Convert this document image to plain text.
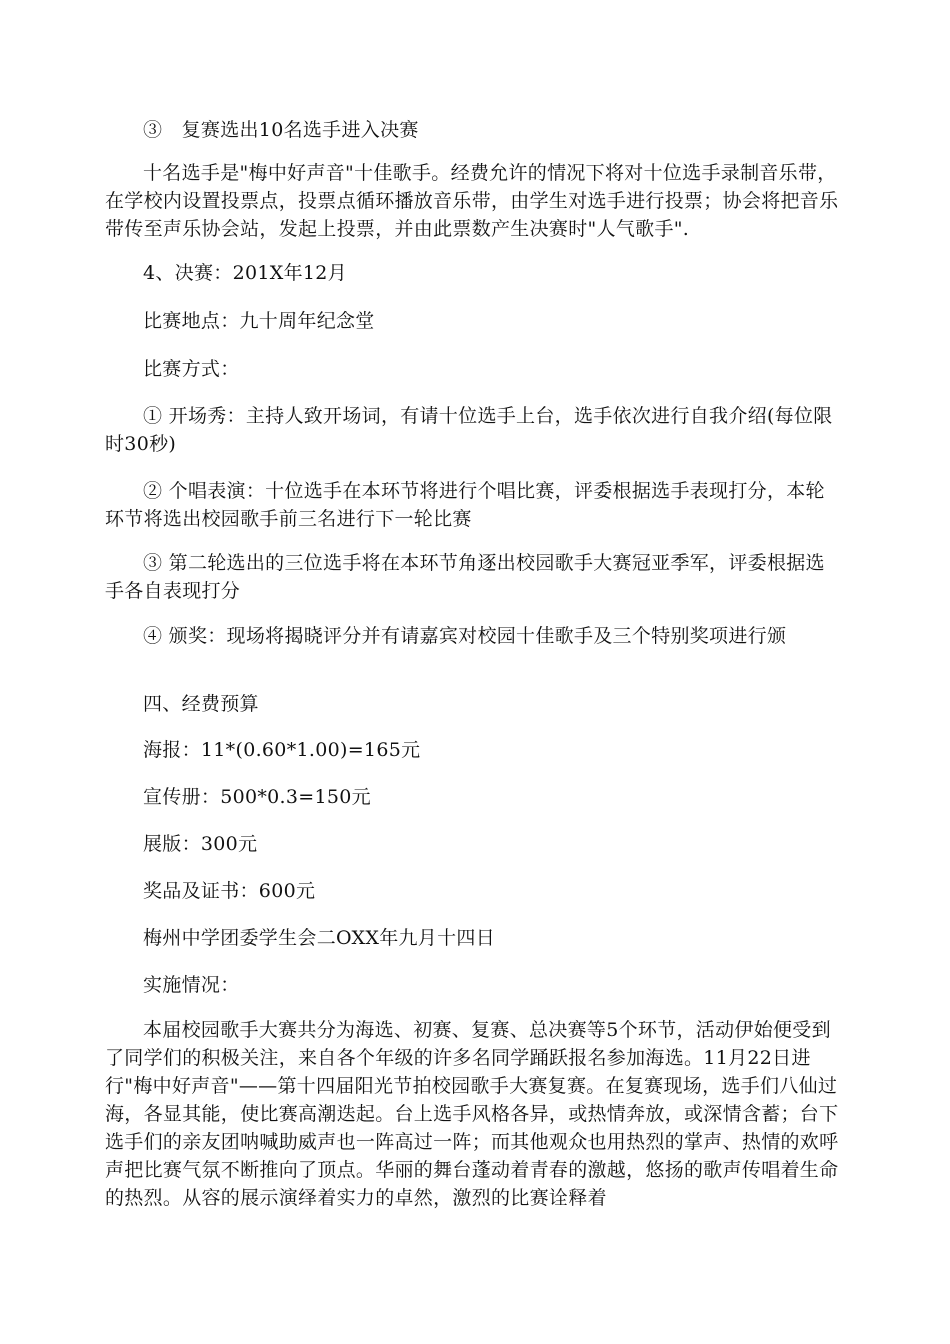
③　复赛选出10名选手进入决赛

十名选手是"梅中好声音"十佳歌手。经费允许的情况下将对十位选手录制音乐带，在学校内设置投票点，投票点循环播放音乐带，由学生对选手进行投票；协会将把音乐带传至声乐协会站，发起上投票，并由此票数产生决赛时"人气歌手".

4、决赛：201X年12月

比赛地点：九十周年纪念堂

比赛方式：

① 开场秀：主持人致开场词，有请十位选手上台，选手依次进行自我介绍(每位限时30秒)

② 个唱表演：十位选手在本环节将进行个唱比赛，评委根据选手表现打分，本轮环节将选出校园歌手前三名进行下一轮比赛

③ 第二轮选出的三位选手将在本环节角逐出校园歌手大赛冠亚季军，评委根据选手各自表现打分

④ 颁奖：现场将揭晓评分并有请嘉宾对校园十佳歌手及三个特别奖项进行颁

四、经费预算

海报：11*(0.60*1.00)=165元

宣传册：500*0.3=150元

展版：300元

奖品及证书：600元

梅州中学团委学生会二OXX年九月十四日

实施情况：

本届校园歌手大赛共分为海选、初赛、复赛、总决赛等5个环节，活动伊始便受到了同学们的积极关注，来自各个年级的许多名同学踊跃报名参加海选。11月22日进行"梅中好声音"——第十四届阳光节拍校园歌手大赛复赛。在复赛现场，选手们八仙过海，各显其能，使比赛高潮迭起。台上选手风格各异，或热情奔放，或深情含蓄；台下选手们的亲友团呐喊助威声也一阵高过一阵；而其他观众也用热烈的掌声、热情的欢呼声把比赛气氛不断推向了顶点。华丽的舞台蓬动着青春的激越，悠扬的歌声传唱着生命的热烈。从容的展示演绎着实力的卓然，激烈的比赛诠释着
